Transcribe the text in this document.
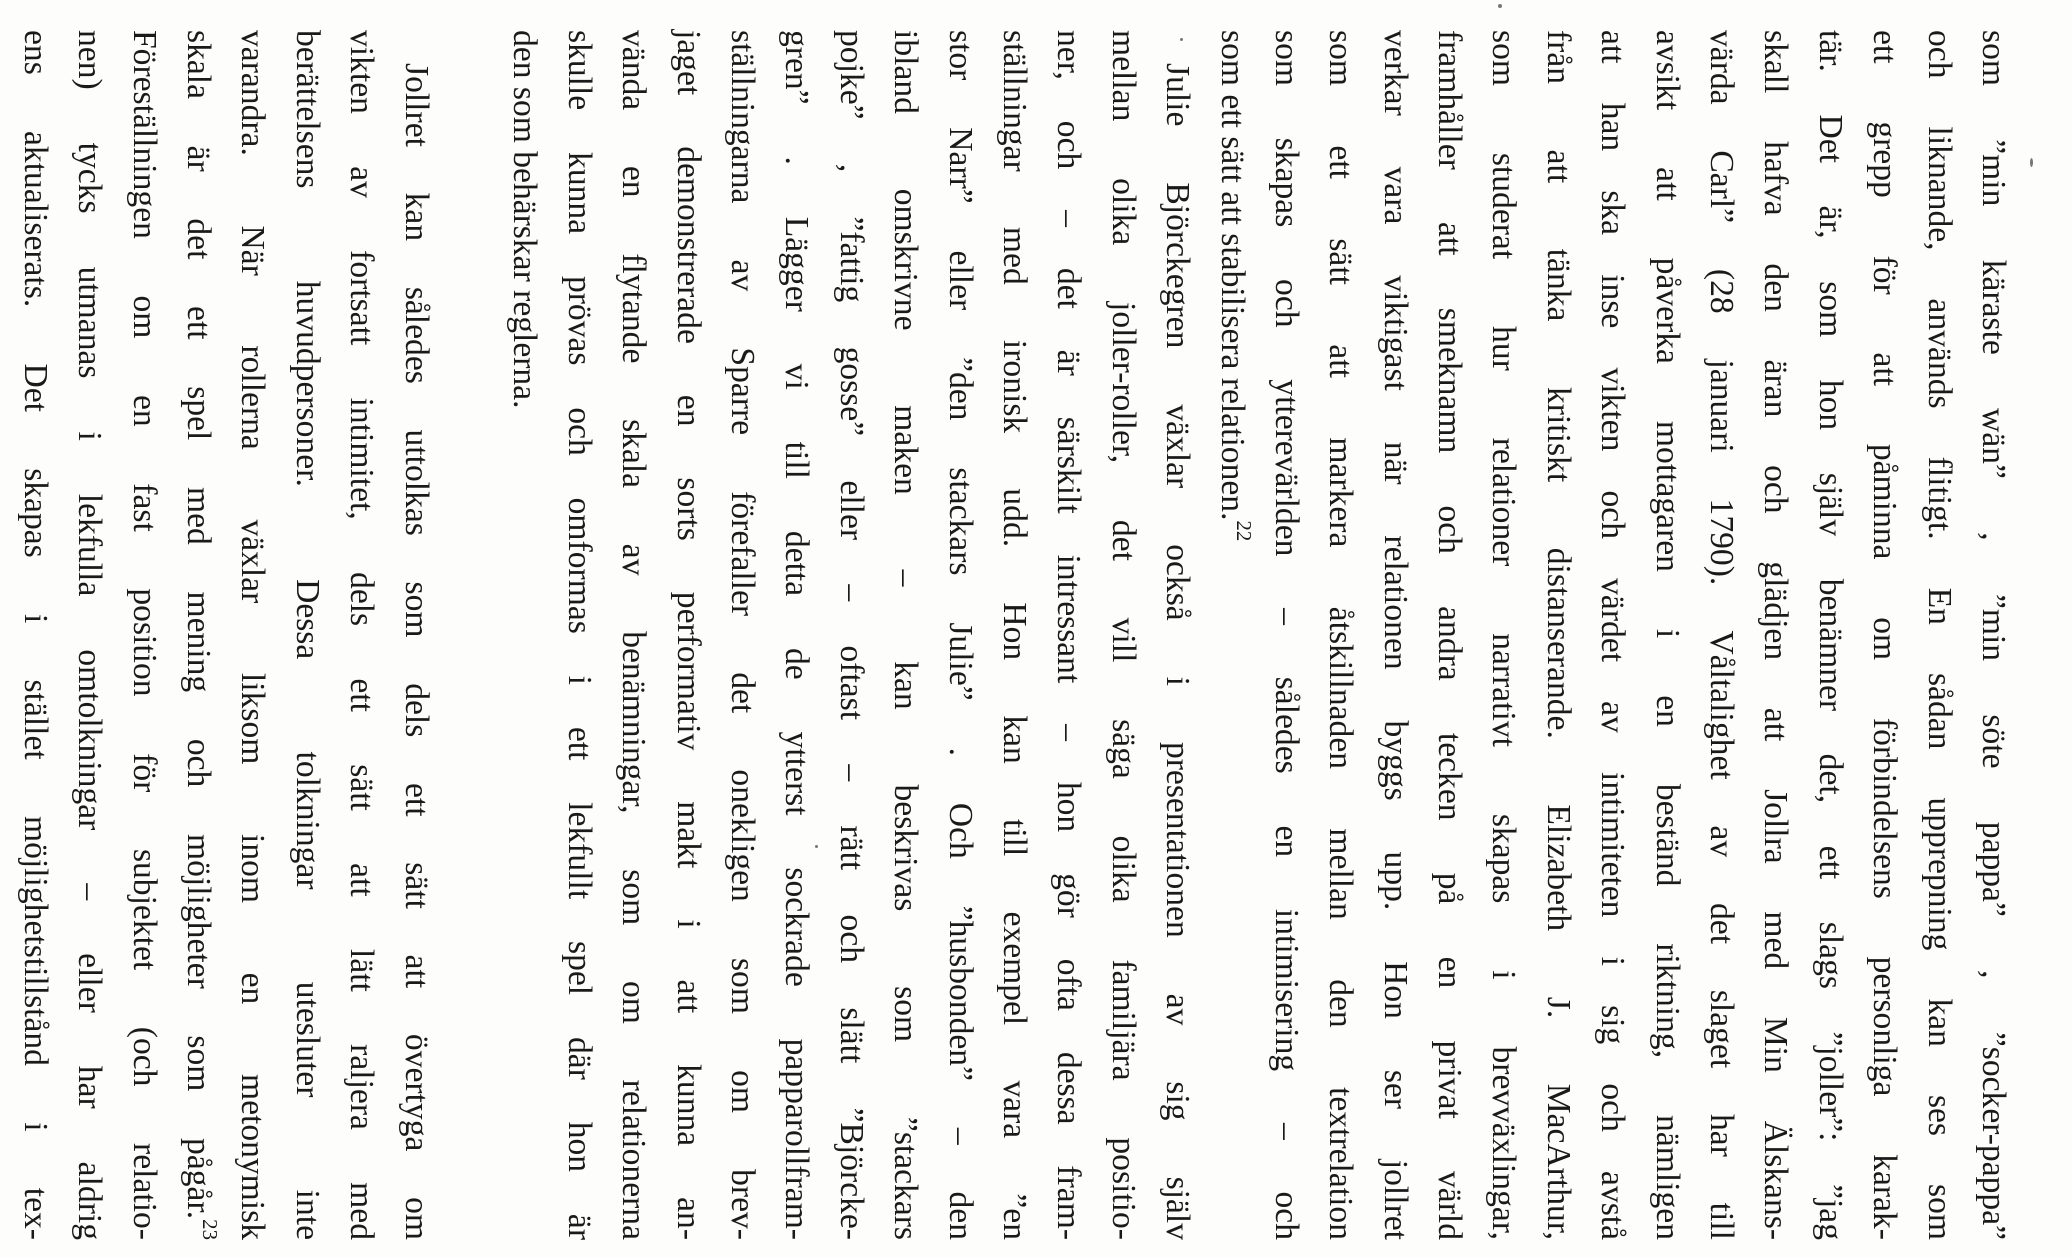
som ”min käraste wän” , ”min söte pappa” , ”socker-pappa”
och liknande, används flitigt. En sådan upprepning kan ses som
ett grepp för att påminna om förbindelsens personliga karak-
tär. Det är, som hon själv benämner det, ett slags ”joller”: ”jag
skall hafva den äran och glädjen att Jollra med Min Älskans-
värda Carl” (28 januari 1790). Våltalighet av det slaget har till
avsikt att påverka mottagaren i en beständ riktning, nämligen
att han ska inse vikten och värdet av intimiteten i sig och avstå
från att tänka kritiskt distanserande. Elizabeth J. MacArthur,
som studerat hur relationer narrativt skapas i brevväxlingar,
framhåller att smeknamn och andra tecken på en privat värld
verkar vara viktigast när relationen byggs upp. Hon ser jollret
som ett sätt att markera åtskillnaden mellan den textrelation
som skapas och ytterevärlden – således en intimisering – och
som ett sätt att stabilisera relationen.$^{22}$
Julie Björckegren växlar också i presentationen av sig själv
mellan olika joller-roller, det vill säga olika familjära positio-
ner, och – det är särskilt intressant – hon gör ofta dessa fram-
ställningar med ironisk udd. Hon kan till exempel vara ”en
stor Narr” eller ”den stackars Julie” . Och ”husbonden” – den
ibland omskrivne maken – kan beskrivas som ”stackars
pojke” , ”fattig gosse” eller – oftast – rätt och slätt ”Björcke-
gren” . Lägger vi till detta de ytterst sockrade papparollfram-
ställningarna av Sparre förefaller det onekligen som om brev-
jaget demonstrerade en sorts performativ makt i att kunna an-
vända en flytande skala av benämningar, som om relationerna
skulle kunna prövas och omformas i ett lekfullt spel där hon är
den som behärskar reglerna.
Jollret kan således uttolkas som dels ett sätt att övertyga om
vikten av fortsatt intimitet, dels ett sätt att lätt raljera med
berättelsens huvudpersoner. Dessa tolkningar utesluter inte
varandra. När rollerna växlar liksom inom en metonymisk
skala är det ett spel med mening och möjligheter som pågår.$^{23}$
Föreställningen om en fast position för subjektet (och relatio-
nen) tycks utmanas i lekfulla omtolkningar – eller har aldrig
ens aktualiserats. Det skapas i stället möjlighetstillstånd i tex-
